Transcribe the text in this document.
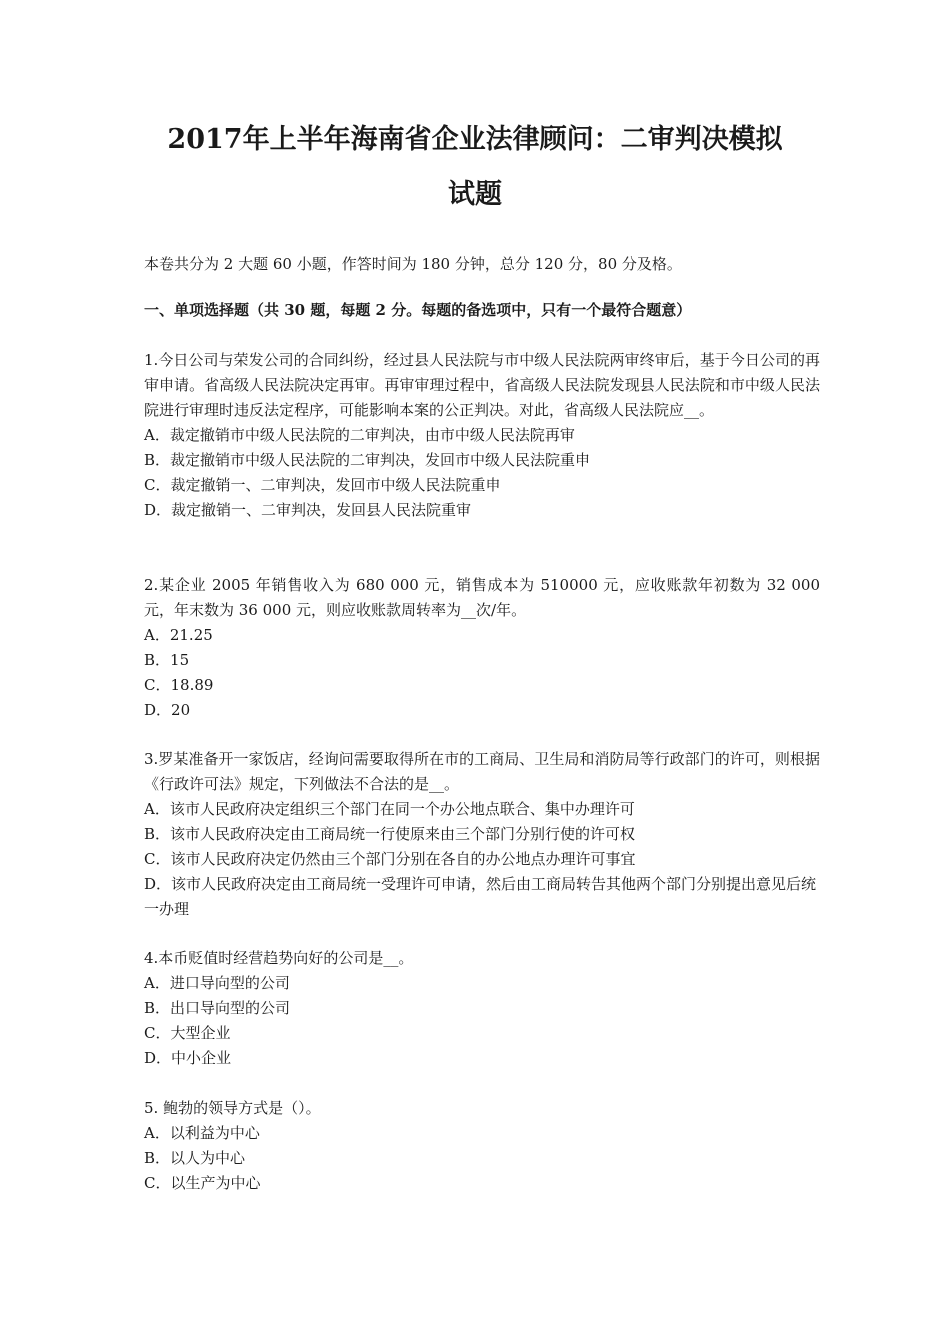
2017年上半年海南省企业法律顾问：二审判决模拟
试题
本卷共分为 2 大题 60 小题，作答时间为 180 分钟，总分 120 分，80 分及格。
一、单项选择题（共 30 题，每题 2 分。每题的备选项中，只有一个最符合题意）

1.今日公司与荣发公司的合同纠纷，经过县人民法院与市中级人民法院两审终审后，基于今日公司的再审申请。省高级人民法院决定再审。再审审理过程中，省高级人民法院发现县人民法院和市中级人民法院进行审理时违反法定程序，可能影响本案的公正判决。对此，省高级人民法院应__。

A．裁定撤销市中级人民法院的二审判决，由市中级人民法院再审

B．裁定撤销市中级人民法院的二审判决，发回市中级人民法院重申

C．裁定撤销一、二审判决，发回市中级人民法院重申

D．裁定撤销一、二审判决，发回县人民法院重审

2.某企业 2005 年销售收入为 680 000 元，销售成本为 510000 元，应收账款年初数为 32 000 元，年末数为 36 000 元，则应收账款周转率为__次/年。

A．21.25

B．15

C．18.89

D．20

3.罗某准备开一家饭店，经询问需要取得所在市的工商局、卫生局和消防局等行政部门的许可，则根据《行政许可法》规定，下列做法不合法的是__。

A．该市人民政府决定组织三个部门在同一个办公地点联合、集中办理许可

B．该市人民政府决定由工商局统一行使原来由三个部门分别行使的许可权

C．该市人民政府决定仍然由三个部门分别在各自的办公地点办理许可事宜

D．该市人民政府决定由工商局统一受理许可申请，然后由工商局转告其他两个部门分别提出意见后统一办理

4.本币贬值时经营趋势向好的公司是__。

A．进口导向型的公司

B．出口导向型的公司

C．大型企业

D．中小企业

5. 鲍勃的领导方式是（）。

A．以利益为中心

B．以人为中心

C．以生产为中心
